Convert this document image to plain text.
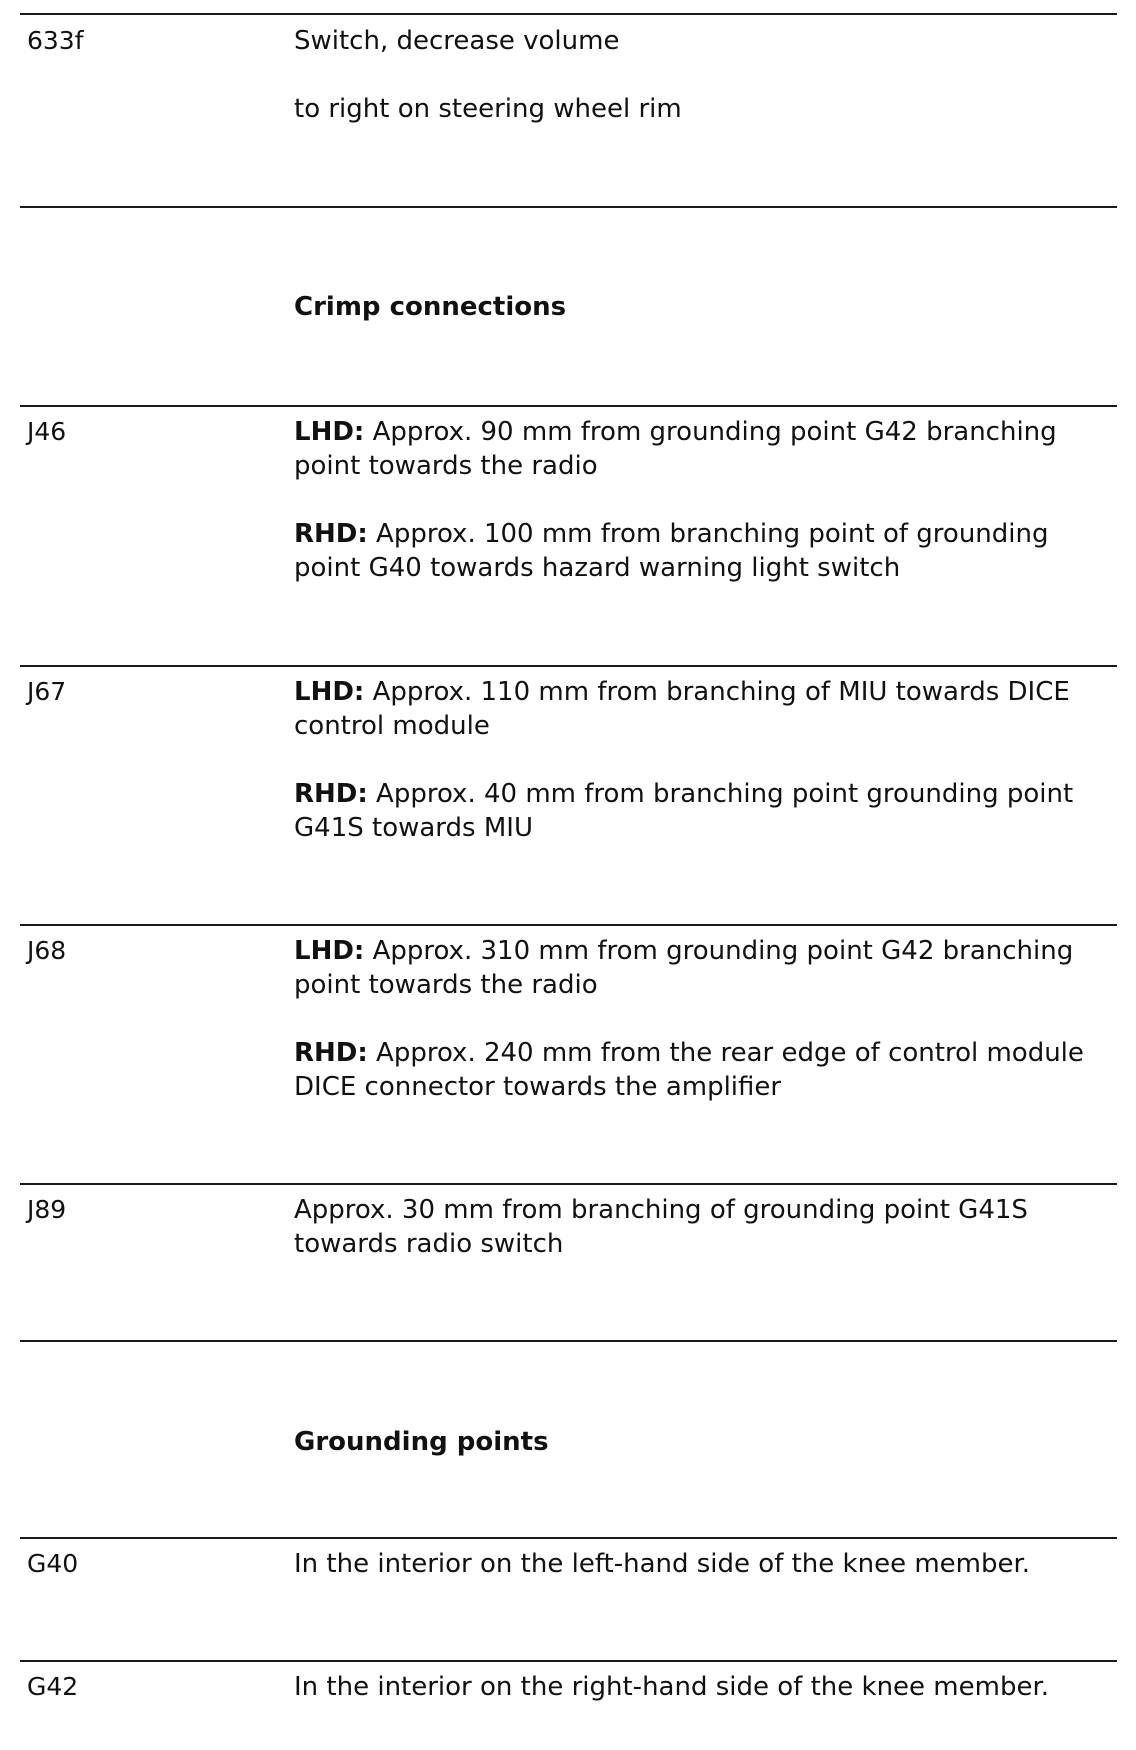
633f	Switch, decrease volume

to right on steering wheel rim

Crimp connections
J46	LHD: Approx. 90 mm from grounding point G42 branching point towards the radio

RHD: Approx. 100 mm from branching point of grounding point G40 towards hazard warning light switch

J67	LHD: Approx. 110 mm from branching of MIU towards DICE control module

RHD: Approx. 40 mm from branching point grounding point G41S towards MIU

J68	LHD: Approx. 310 mm from grounding point G42 branching point towards the radio

RHD: Approx. 240 mm from the rear edge of control module DICE connector towards the amplifier

J89	Approx. 30 mm from branching of grounding point G41S towards radio switch

Grounding points
G40	In the interior on the left-hand side of the knee member.

G42	In the interior on the right-hand side of the knee member.
